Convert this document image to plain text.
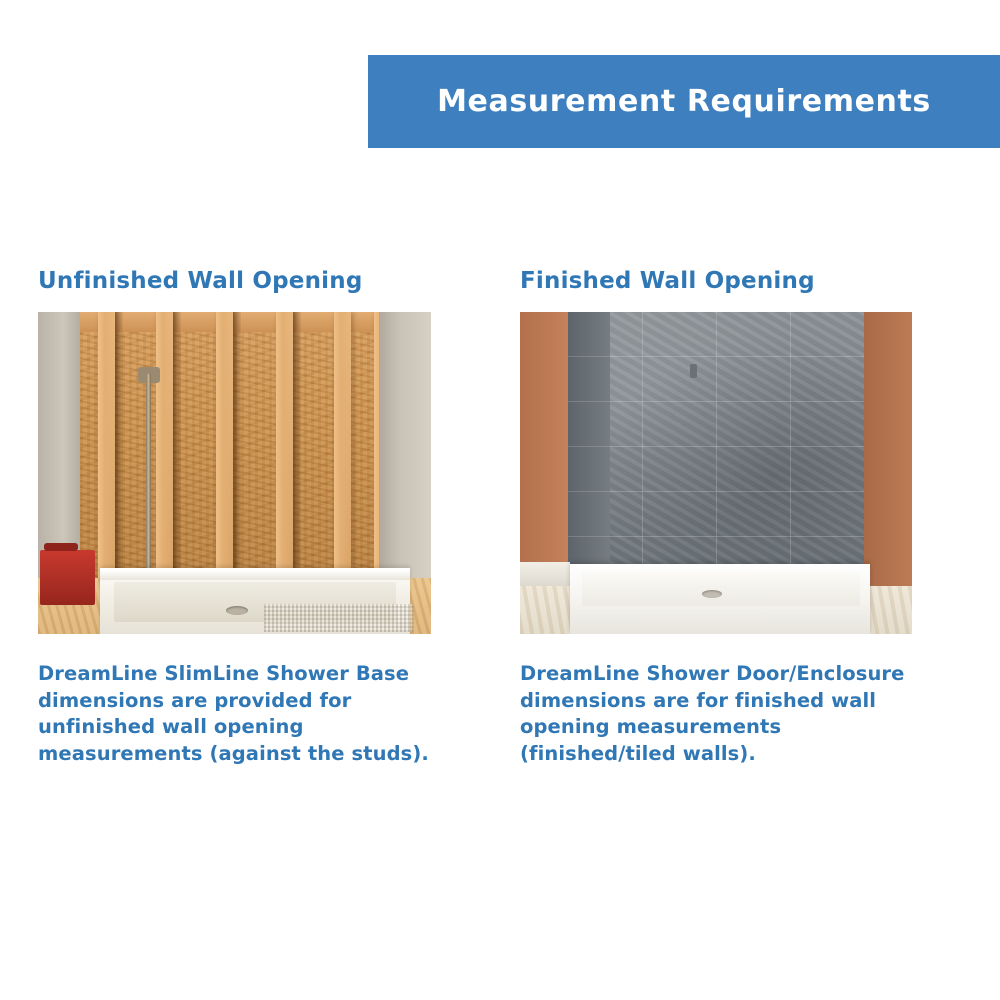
Measurement Requirements
Unfinished Wall Opening

DreamLine SlimLine Shower Base dimensions are provided for unfinished wall opening measurements (against the studs).

Finished Wall Opening

DreamLine Shower Door/Enclosure dimensions are for finished wall opening measurements (finished/tiled walls).
